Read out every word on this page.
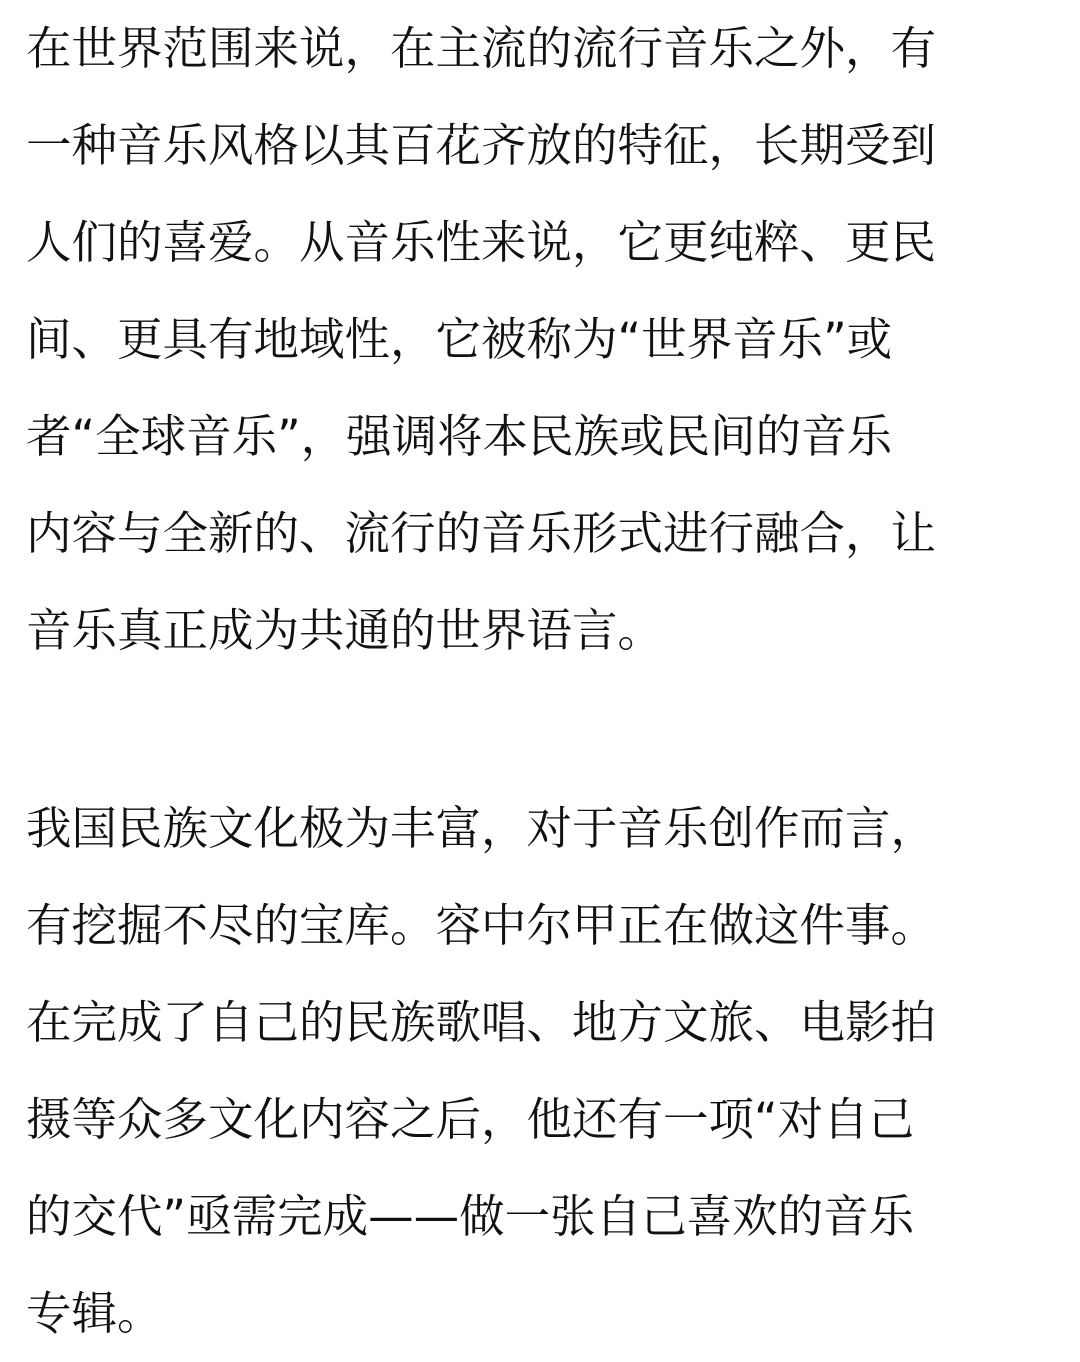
在世界范围来说，在主流的流行音乐之外，有
一种音乐风格以其百花齐放的特征，长期受到
人们的喜爱。从音乐性来说，它更纯粹、更民
间、更具有地域性，它被称为“世界音乐”或
者“全球音乐”，强调将本民族或民间的音乐
内容与全新的、流行的音乐形式进行融合，让
音乐真正成为共通的世界语言。

我国民族文化极为丰富，对于音乐创作而言，
有挖掘不尽的宝库。容中尔甲正在做这件事。
在完成了自己的民族歌唱、地方文旅、电影拍
摄等众多文化内容之后，他还有一项“对自己
的交代”亟需完成——做一张自己喜欢的音乐
专辑。
